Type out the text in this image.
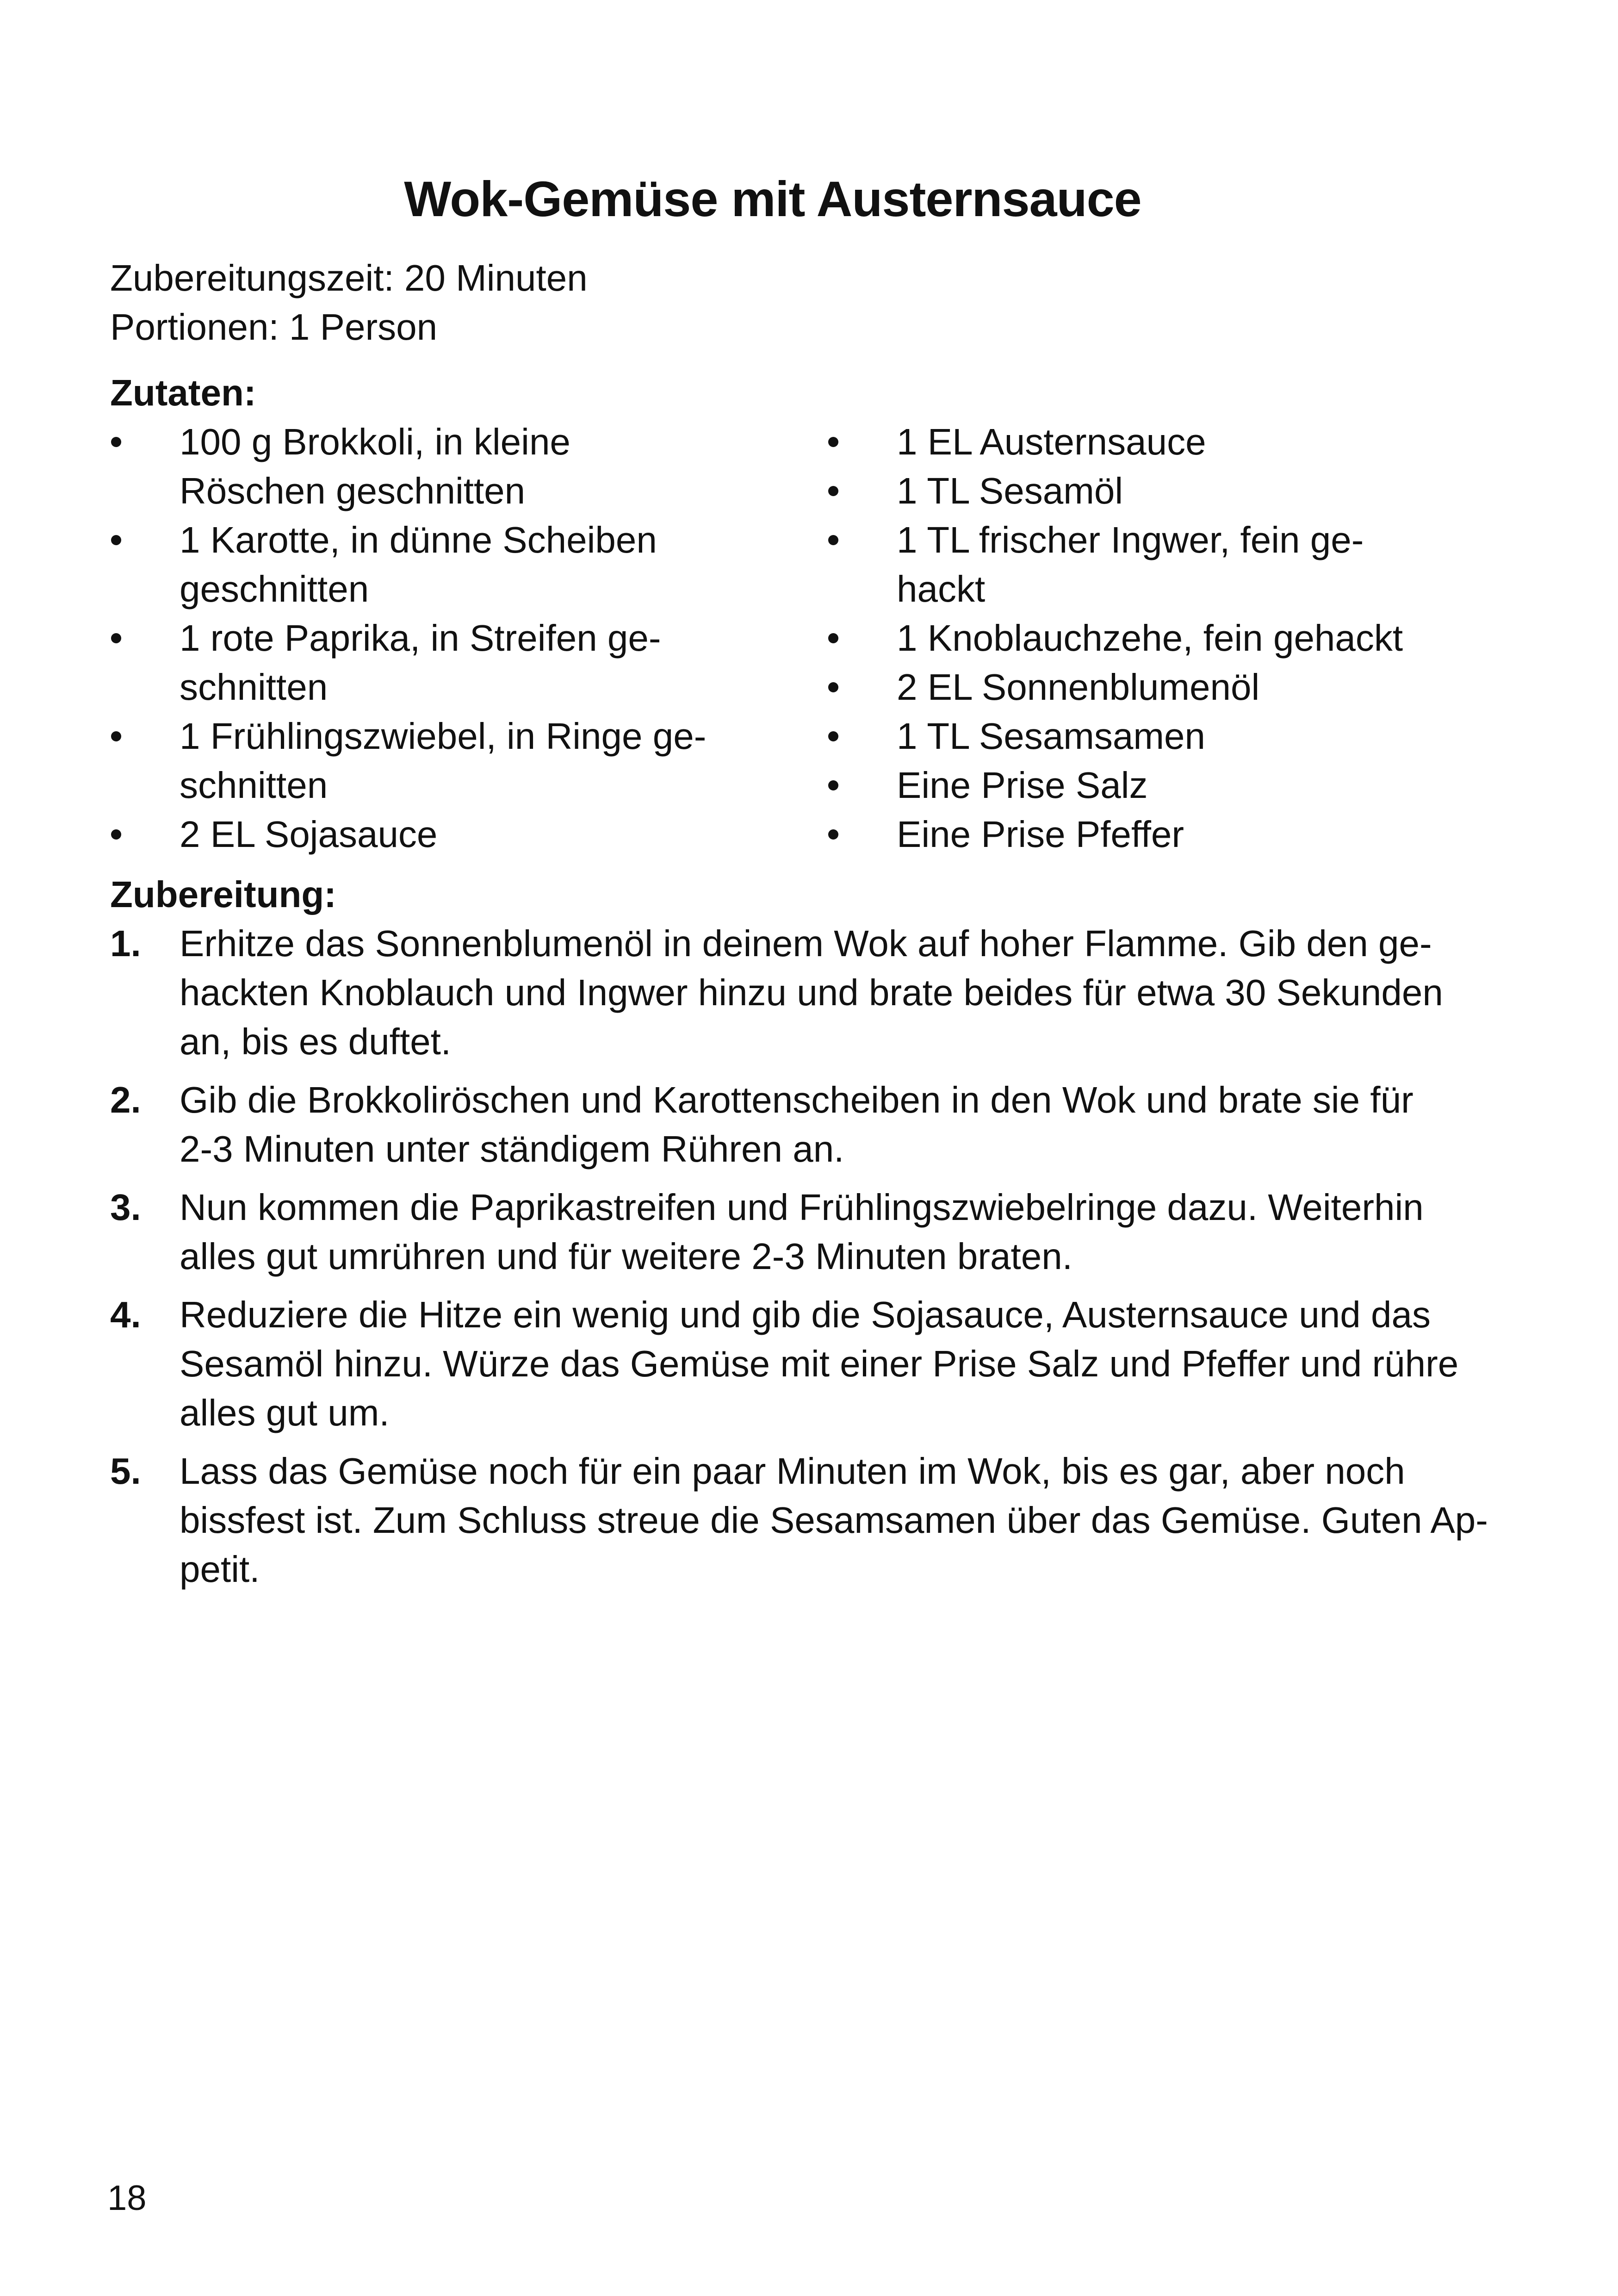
Wok-Gemüse mit Austernsauce
Zubereitungszeit: 20 Minuten
Portionen: 1 Person
Zutaten:
100 g Brokkoli, in kleine
Röschen geschnitten
1 Karotte, in dünne Scheiben
geschnitten
1 rote Paprika, in Streifen ge-
schnitten
1 Frühlingszwiebel, in Ringe ge-
schnitten
2 EL Sojasauce
1 EL Austernsauce
1 TL Sesamöl
1 TL frischer Ingwer, fein ge-
hackt
1 Knoblauchzehe, fein gehackt
2 EL Sonnenblumenöl
1 TL Sesamsamen
Eine Prise Salz
Eine Prise Pfeffer
Zubereitung:
1. Erhitze das Sonnenblumenöl in deinem Wok auf hoher Flamme. Gib den ge-
hackten Knoblauch und Ingwer hinzu und brate beides für etwa 30 Sekunden
an, bis es duftet.
2. Gib die Brokkoliröschen und Karottenscheiben in den Wok und brate sie für
2-3 Minuten unter ständigem Rühren an.
3. Nun kommen die Paprikastreifen und Frühlingszwiebelringe dazu. Weiterhin
alles gut umrühren und für weitere 2-3 Minuten braten.
4. Reduziere die Hitze ein wenig und gib die Sojasauce, Austernsauce und das
Sesamöl hinzu. Würze das Gemüse mit einer Prise Salz und Pfeffer und rühre
alles gut um.
5. Lass das Gemüse noch für ein paar Minuten im Wok, bis es gar, aber noch
bissfest ist. Zum Schluss streue die Sesamsamen über das Gemüse. Guten Ap-
petit.
18
